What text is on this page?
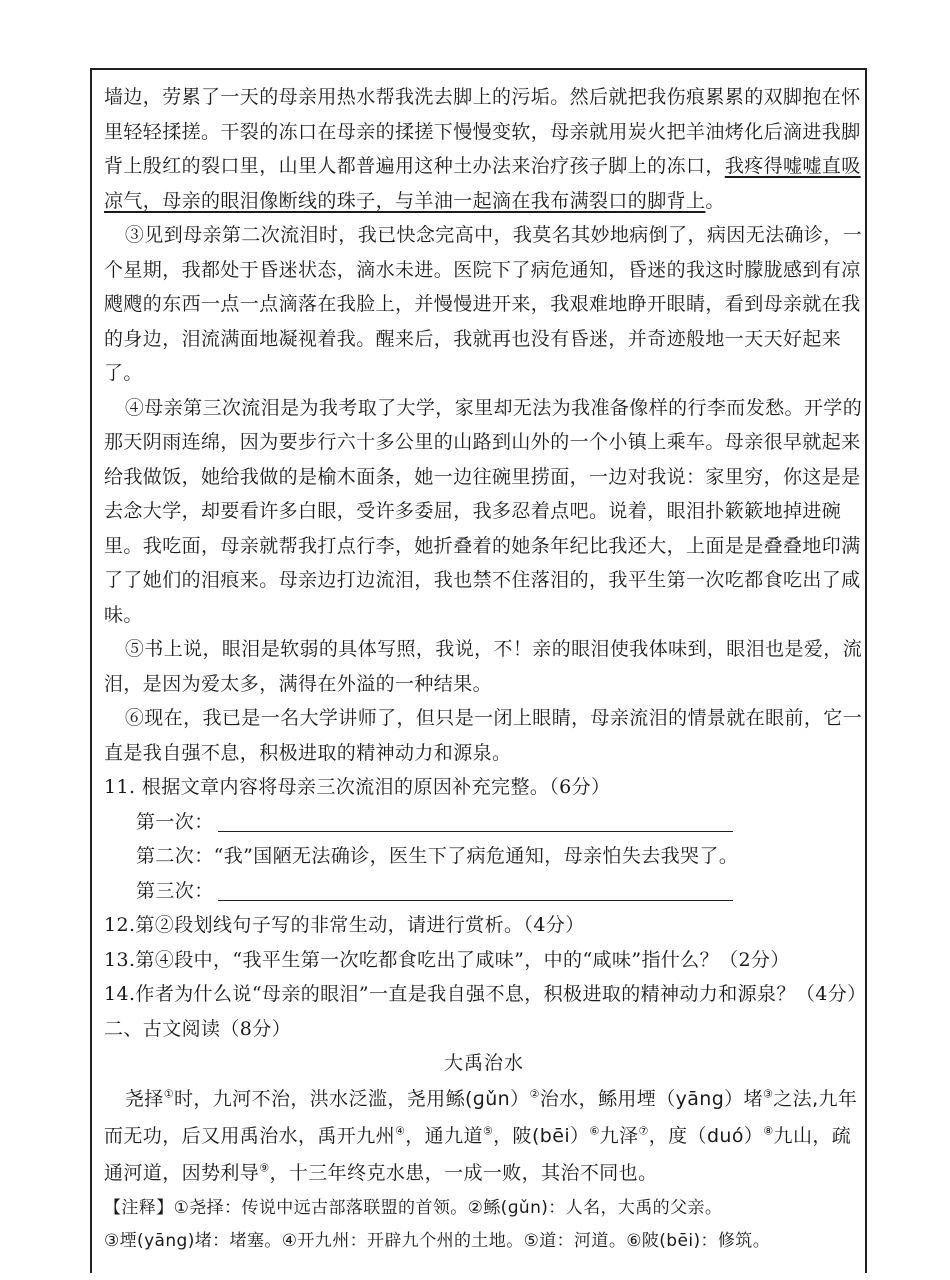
墙边，劳累了一天的母亲用热水帮我洗去脚上的污垢。然后就把我伤痕累累的双脚抱在怀里轻轻揉搓。干裂的冻口在母亲的揉搓下慢慢变软，母亲就用炭火把羊油烤化后滴进我脚背上殷红的裂口里，山里人都普遍用这种土办法来治疗孩子脚上的冻口，我疼得嘘嘘直吸凉气，母亲的眼泪像断线的珠子，与羊油一起滴在我布满裂口的脚背上。

③见到母亲第二次流泪时，我已快念完高中，我莫名其妙地病倒了，病因无法确诊，一个星期，我都处于昏迷状态，滴水未进。医院下了病危通知，昏迷的我这时朦胧感到有凉飕飕的东西一点一点滴落在我脸上，并慢慢进开来，我艰难地睁开眼睛，看到母亲就在我的身边，泪流满面地凝视着我。醒来后，我就再也没有昏迷，并奇迹般地一天天好起来了。

④母亲第三次流泪是为我考取了大学，家里却无法为我准备像样的行李而发愁。开学的那天阴雨连绵，因为要步行六十多公里的山路到山外的一个小镇上乘车。母亲很早就起来给我做饭，她给我做的是榆木面条，她一边往碗里捞面，一边对我说：家里穷，你这是是去念大学，却要看许多白眼，受许多委屈，我多忍着点吧。说着，眼泪扑簌簌地掉进碗里。我吃面，母亲就帮我打点行李，她折叠着的她条年纪比我还大，上面是是叠叠地印满了了她们的泪痕来。母亲边打边流泪，我也禁不住落泪的，我平生第一次吃都食吃出了咸味。

⑤书上说，眼泪是软弱的具体写照，我说，不！亲的眼泪使我体味到，眼泪也是爱，流泪，是因为爱太多，满得在外溢的一种结果。

⑥现在，我已是一名大学讲师了，但只是一闭上眼睛，母亲流泪的情景就在眼前，它一直是我自强不息，积极进取的精神动力和源泉。

11. 根据文章内容将母亲三次流泪的原因补充完整。（6分）

第一次：

第二次：“我”国陋无法确诊，医生下了病危通知，母亲怕失去我哭了。

第三次：

12.第②段划线句子写的非常生动，请进行赏析。（4分）

13.第④段中，“我平生第一次吃都食吃出了咸味”，中的“咸味”指什么？（2分）

14.作者为什么说“母亲的眼泪”一直是我自强不息，积极进取的精神动力和源泉？（4分）

二、古文阅读（8分）

大禹治水

尧择①时，九河不治，洪水泛滥，尧用鲧(ɡǔn）②治水，鲧用堙（yāng）堵③之法,九年而无功，后又用禹治水，禹开九州④，通九道⑤，陂(bēi）⑥九泽⑦，度（duó）⑧九山，疏通河道，因势利导⑨，十三年终克水患，一成一败，其治不同也。

【注释】①尧择：传说中远古部落联盟的首领。②鲧(ɡǔn)：人名，大禹的父亲。

③堙(yāng)堵：堵塞。④开九州：开辟九个州的土地。⑤道：河道。⑥陂(bēi)：修筑。
